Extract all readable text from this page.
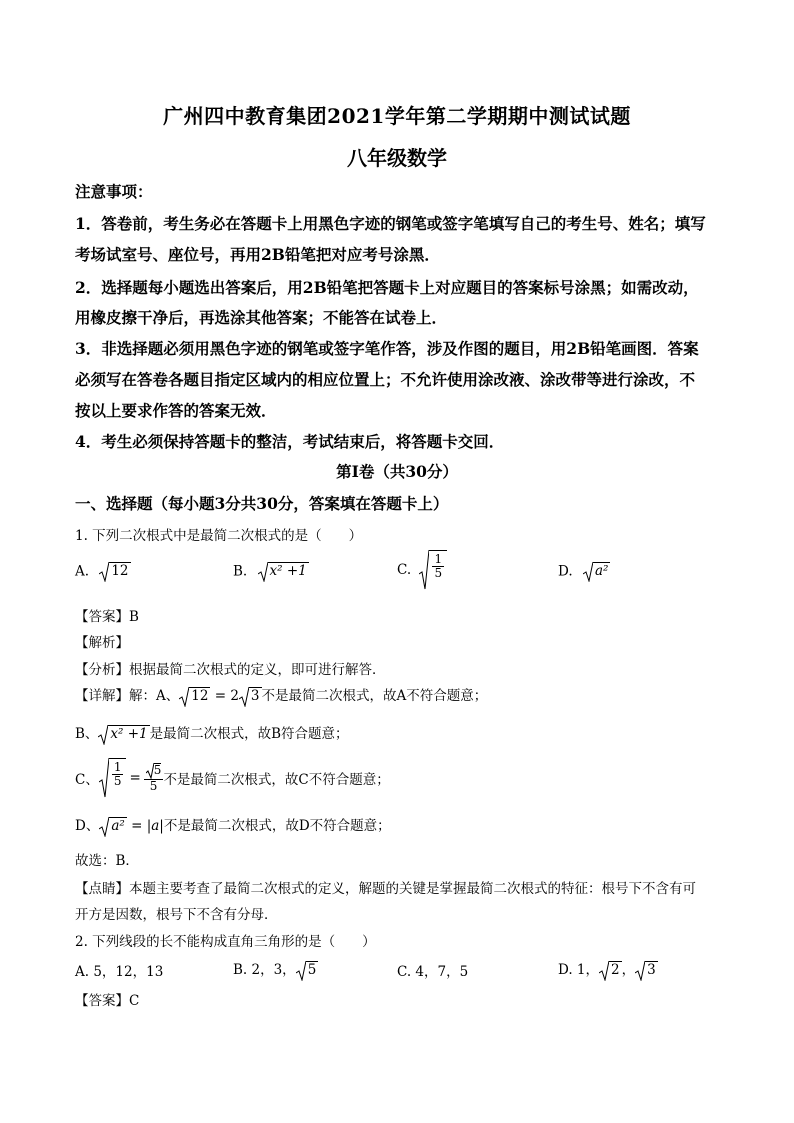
广州四中教育集团2021学年第二学期期中测试试题
八年级数学
注意事项：
1．答卷前，考生务必在答题卡上用黑色字迹的钢笔或签字笔填写自己的考生号、姓名；填写
考场试室号、座位号，再用2B铅笔把对应考号涂黑．
2．选择题每小题选出答案后，用2B铅笔把答题卡上对应题目的答案标号涂黑；如需改动，
用橡皮擦干净后，再选涂其他答案；不能答在试卷上．
3．非选择题必须用黑色字迹的钢笔或签字笔作答，涉及作图的题目，用2B铅笔画图．答案
必须写在答卷各题目指定区域内的相应位置上；不允许使用涂改液、涂改带等进行涂改，不
按以上要求作答的答案无效．
4．考生必须保持答题卡的整洁，考试结束后，将答题卡交回．
第I卷（共30分）
一、选择题（每小题3分共30分，答案填在答题卡上）
1. 下列二次根式中是最简二次根式的是（　　）
A. 12	B. x² +1	C. $\frac{1}{5}$	D. a²
【答案】B
【解析】
【分析】根据最简二次根式的定义，即可进行解答．
【详解】解：A、 12 = 2 3 不是最简二次根式，故A不符合题意；
B、 x² +1 是最简二次根式，故B符合题意；
C、 $\frac{1}{5} = \frac{5}{5}$ 不是最简二次根式，故C不符合题意；
D、 a² = |a|不是最简二次根式，故D不符合题意；
故选：B．
【点睛】本题主要考查了最简二次根式的定义，解题的关键是掌握最简二次根式的特征：根号下不含有可
开方是因数，根号下不含有分母．
2. 下列线段的长不能构成直角三角形的是（　　）
A. 5，12，13	B. 2，3， 5	C. 4，7，5	D. 1， 2 ， 3
【答案】C
